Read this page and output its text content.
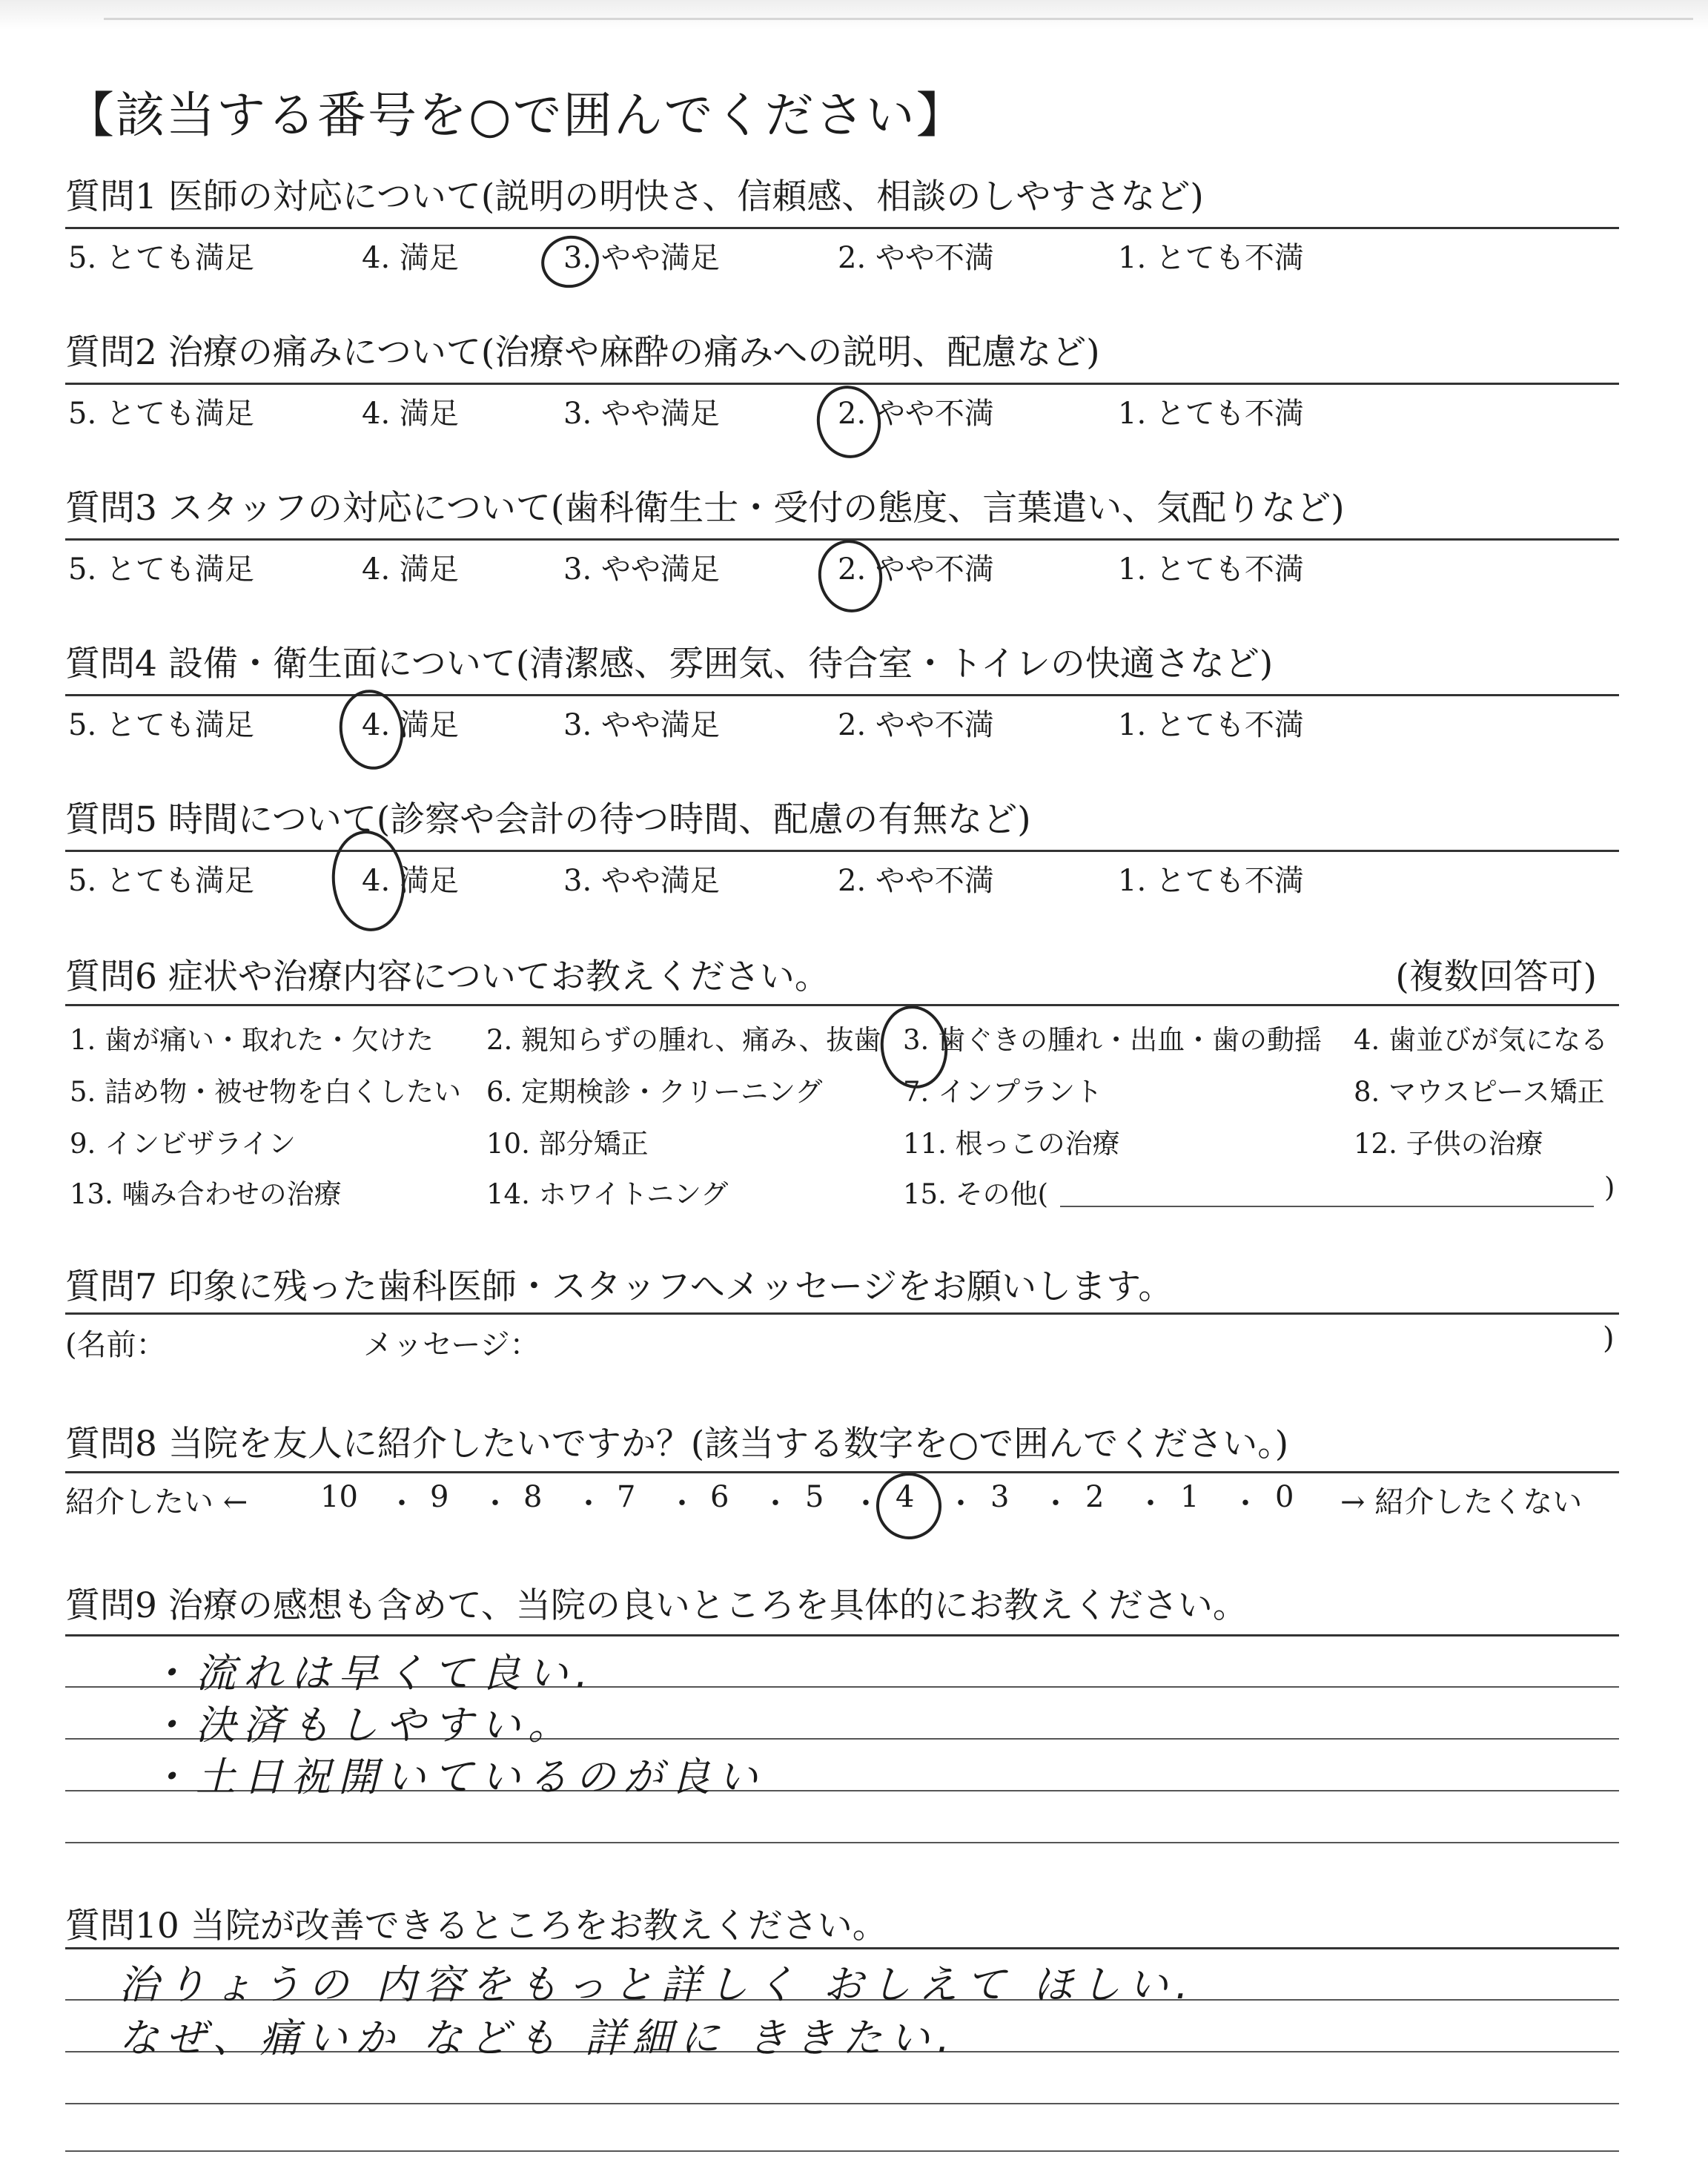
【該当する番号を○で囲んでください】
質問1 医師の対応について(説明の明快さ、信頼感、相談のしやすさなど)
5. とても満足	4. 満足	3. やや満足	2. やや不満	1. とても不満
質問2 治療の痛みについて(治療や麻酔の痛みへの説明、配慮など)
5. とても満足	4. 満足	3. やや満足	2. やや不満	1. とても不満
質問3 スタッフの対応について(歯科衛生士・受付の態度、言葉遣い、気配りなど)
5. とても満足	4. 満足	3. やや満足	2. やや不満	1. とても不満
質問4 設備・衛生面について(清潔感、雰囲気、待合室・トイレの快適さなど)
5. とても満足	4. 満足	3. やや満足	2. やや不満	1. とても不満
質問5 時間について(診察や会計の待つ時間、配慮の有無など)
5. とても満足	4. 満足	3. やや満足	2. やや不満	1. とても不満
質問6 症状や治療内容についてお教えください。	(複数回答可)
1. 歯が痛い・取れた・欠けた 2. 親知らずの腫れ、痛み、抜歯 3. 歯ぐきの腫れ・出血・歯の動揺 4. 歯並びが気になる
5. 詰め物・被せ物を白くしたい 6. 定期検診・クリーニング	7. インプラント	8. マウスピース矯正
9. インビザライン	10. 部分矯正	11. 根っこの治療	12. 子供の治療
13. 噛み合わせの治療	14. ホワイトニング	15. その他(	)
質問7 印象に残った歯科医師・スタッフへメッセージをお願いします。
(名前：	メッセージ：	)
質問8 当院を友人に紹介したいですか？(該当する数字を○で囲んでください。)
紹介したい ←	→ 紹介したくない
10 ・ 9 ・ 8 ・ 7 ・ 6 ・ 5 ・ 4 ・ 3 ・ 2 ・ 1 ・ 0
質問9 治療の感想も含めて、当院の良いところを具体的にお教えください。
・流れは早くて良い.
・決済もしやすい。
・土日祝開いているのが良い
質問10 当院が改善できるところをお教えください。
治りょうの 内容をもっと詳しく おしえて ほしい.
なぜ、痛いか なども 詳細に ききたい.
